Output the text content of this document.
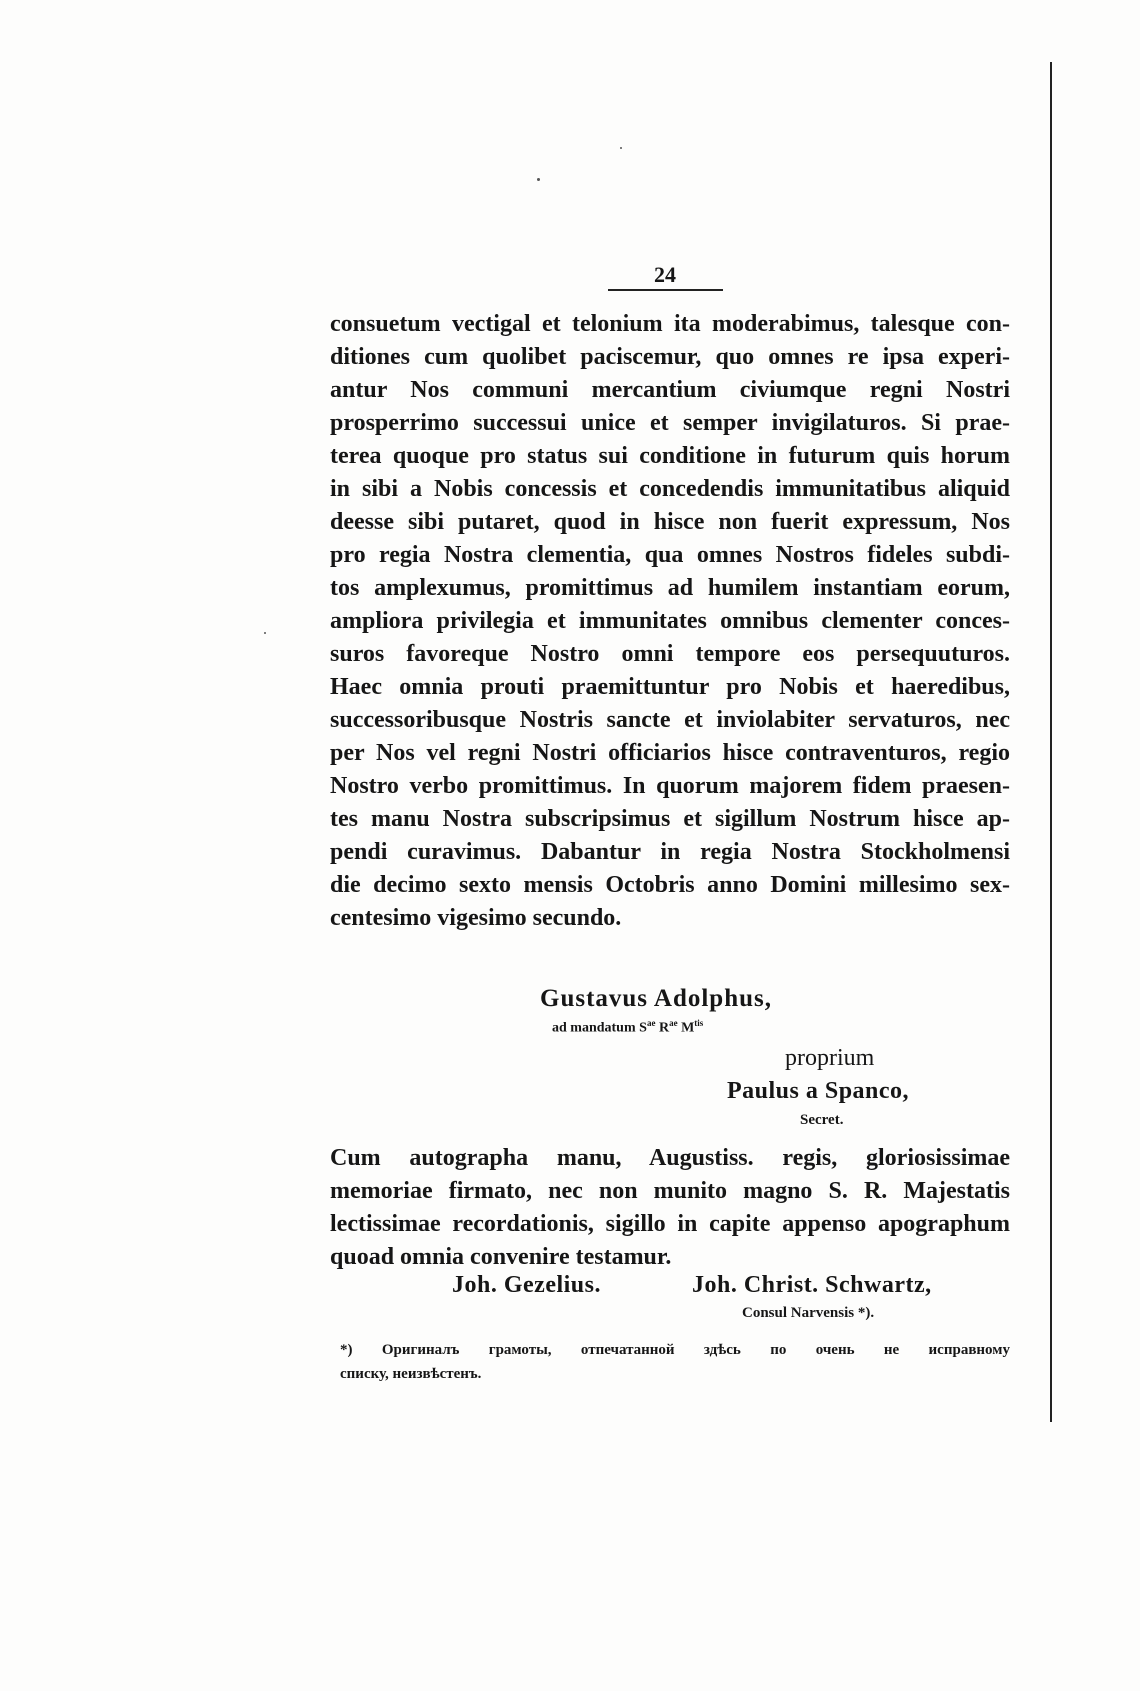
24
consuetum vectigal et telonium ita moderabimus, talesque con-
ditiones cum quolibet paciscemur, quo omnes re ipsa experi-
antur Nos communi mercantium civiumque regni Nostri
prosperrimo successui unice et semper invigilaturos. Si prae-
terea quoque pro status sui conditione in futurum quis horum
in sibi a Nobis concessis et concedendis immunitatibus aliquid
deesse sibi putaret, quod in hisce non fuerit expressum, Nos
pro regia Nostra clementia, qua omnes Nostros fideles subdi-
tos amplexumus, promittimus ad humilem instantiam eorum,
ampliora privilegia et immunitates omnibus clementer conces-
suros favoreque Nostro omni tempore eos persequuturos.
Haec omnia prouti praemittuntur pro Nobis et haeredibus,
successoribusque Nostris sancte et inviolabiter servaturos, nec
per Nos vel regni Nostri officiarios hisce contraventuros, regio
Nostro verbo promittimus. In quorum majorem fidem praesen-
tes manu Nostra subscripsimus et sigillum Nostrum hisce ap-
pendi curavimus. Dabantur in regia Nostra Stockholmensi
die decimo sexto mensis Octobris anno Domini millesimo sex-
centesimo vigesimo secundo.
Gustavus Adolphus,
ad mandatum $S^{ae}$ $R^{ae}$ $M^{tis}$
proprium
Paulus a Spanco,
Secret.
Cum autographa manu, Augustiss. regis, gloriosissimae
memoriae firmato, nec non munito magno S. R. Majestatis
lectissimae recordationis, sigillo in capite appenso apographum
quoad omnia convenire testamur.
Joh. Gezelius.	Joh. Christ. Schwartz,
Consul Narvensis *).
*) Оригиналъ грамоты, отпечатанной здѣсь по очень не исправному
списку, неизвѣстенъ.
